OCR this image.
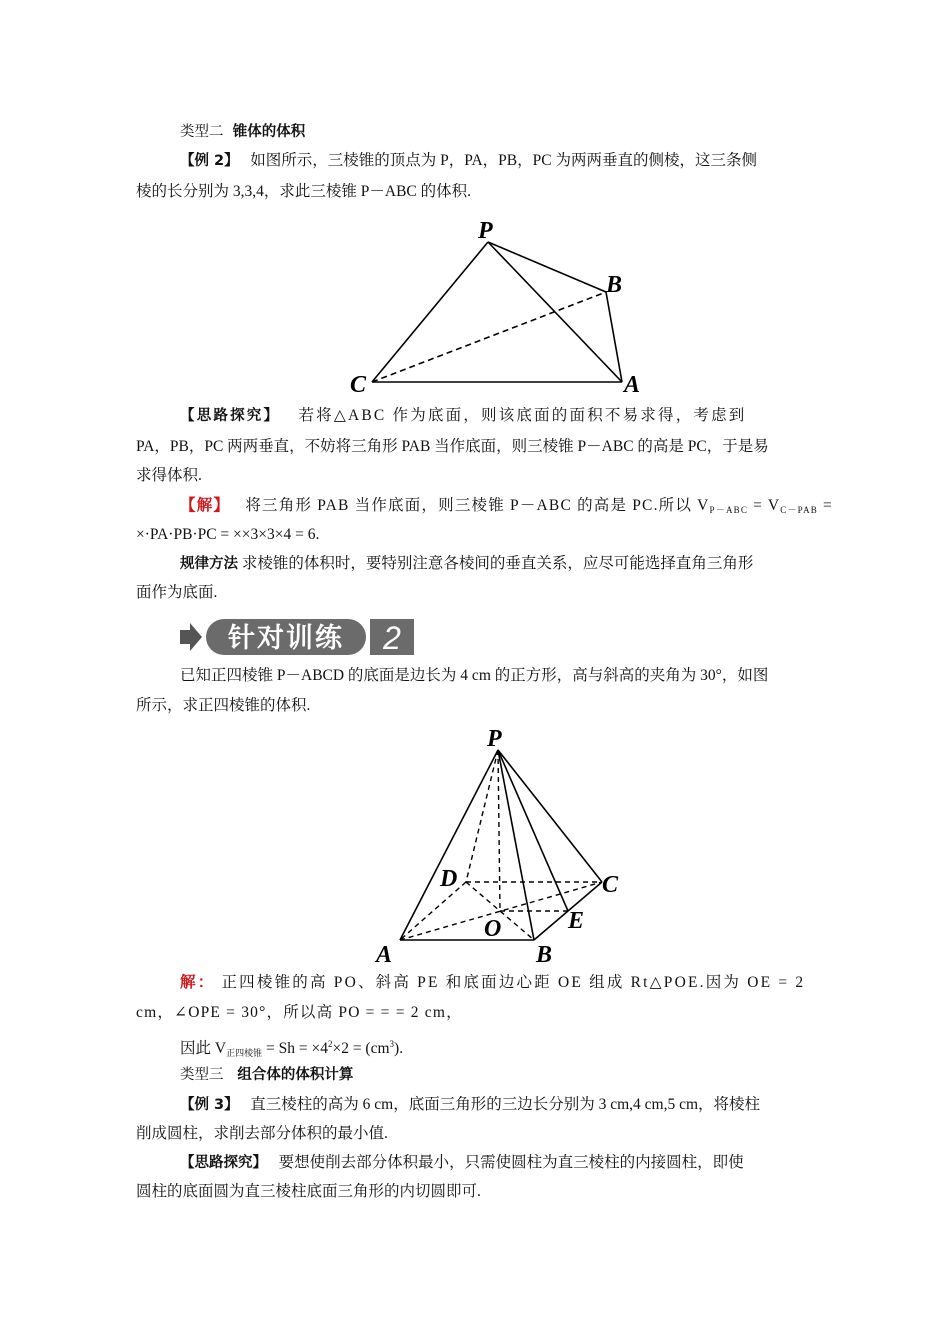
类型二 锥体的体积
【例 2】 如图所示，三棱锥的顶点为 P，PA，PB，PC 为两两垂直的侧棱，这三条侧
棱的长分别为 3,3,4，求此三棱锥 P－ABC 的体积.
P
B
C	A
【思路探究】 若将△ABC 作为底面，则该底面的面积不易求得，考虑到
PA，PB，PC 两两垂直，不妨将三角形 PAB 当作底面，则三棱锥 P－ABC 的高是 PC，于是易
求得体积.
【解】 将三角形 PAB 当作底面，则三棱锥 P－ABC 的高是 PC.所以 $V_{P-ABC} = V_{C-PAB}$ =
×·PA·PB·PC = ××3×3×4 = 6.
规律方法 求棱锥的体积时，要特别注意各棱间的垂直关系，应尽可能选择直角三角形
面作为底面.
针对训练 2
已知正四棱锥 P－ABCD 的底面是边长为 4 cm 的正方形，高与斜高的夹角为 30°，如图
所示，求正四棱锥的体积.
P
D	C
E
O
A	B
解： 正四棱锥的高 PO、斜高 PE 和底面边心距 OE 组成 Rt△POE.因为 OE = 2
cm，∠OPE = 30°，所以高 PO = = = 2 cm，
因此 $V_{正四棱锥} = Sh = \times 4^2\times 2 = (cm^3)$.
类型三 组合体的体积计算
【例 3】 直三棱柱的高为 6 cm，底面三角形的三边长分别为 3 cm,4 cm,5 cm，将棱柱
削成圆柱，求削去部分体积的最小值.
【思路探究】 要想使削去部分体积最小，只需使圆柱为直三棱柱的内接圆柱，即使
圆柱的底面圆为直三棱柱底面三角形的内切圆即可.
